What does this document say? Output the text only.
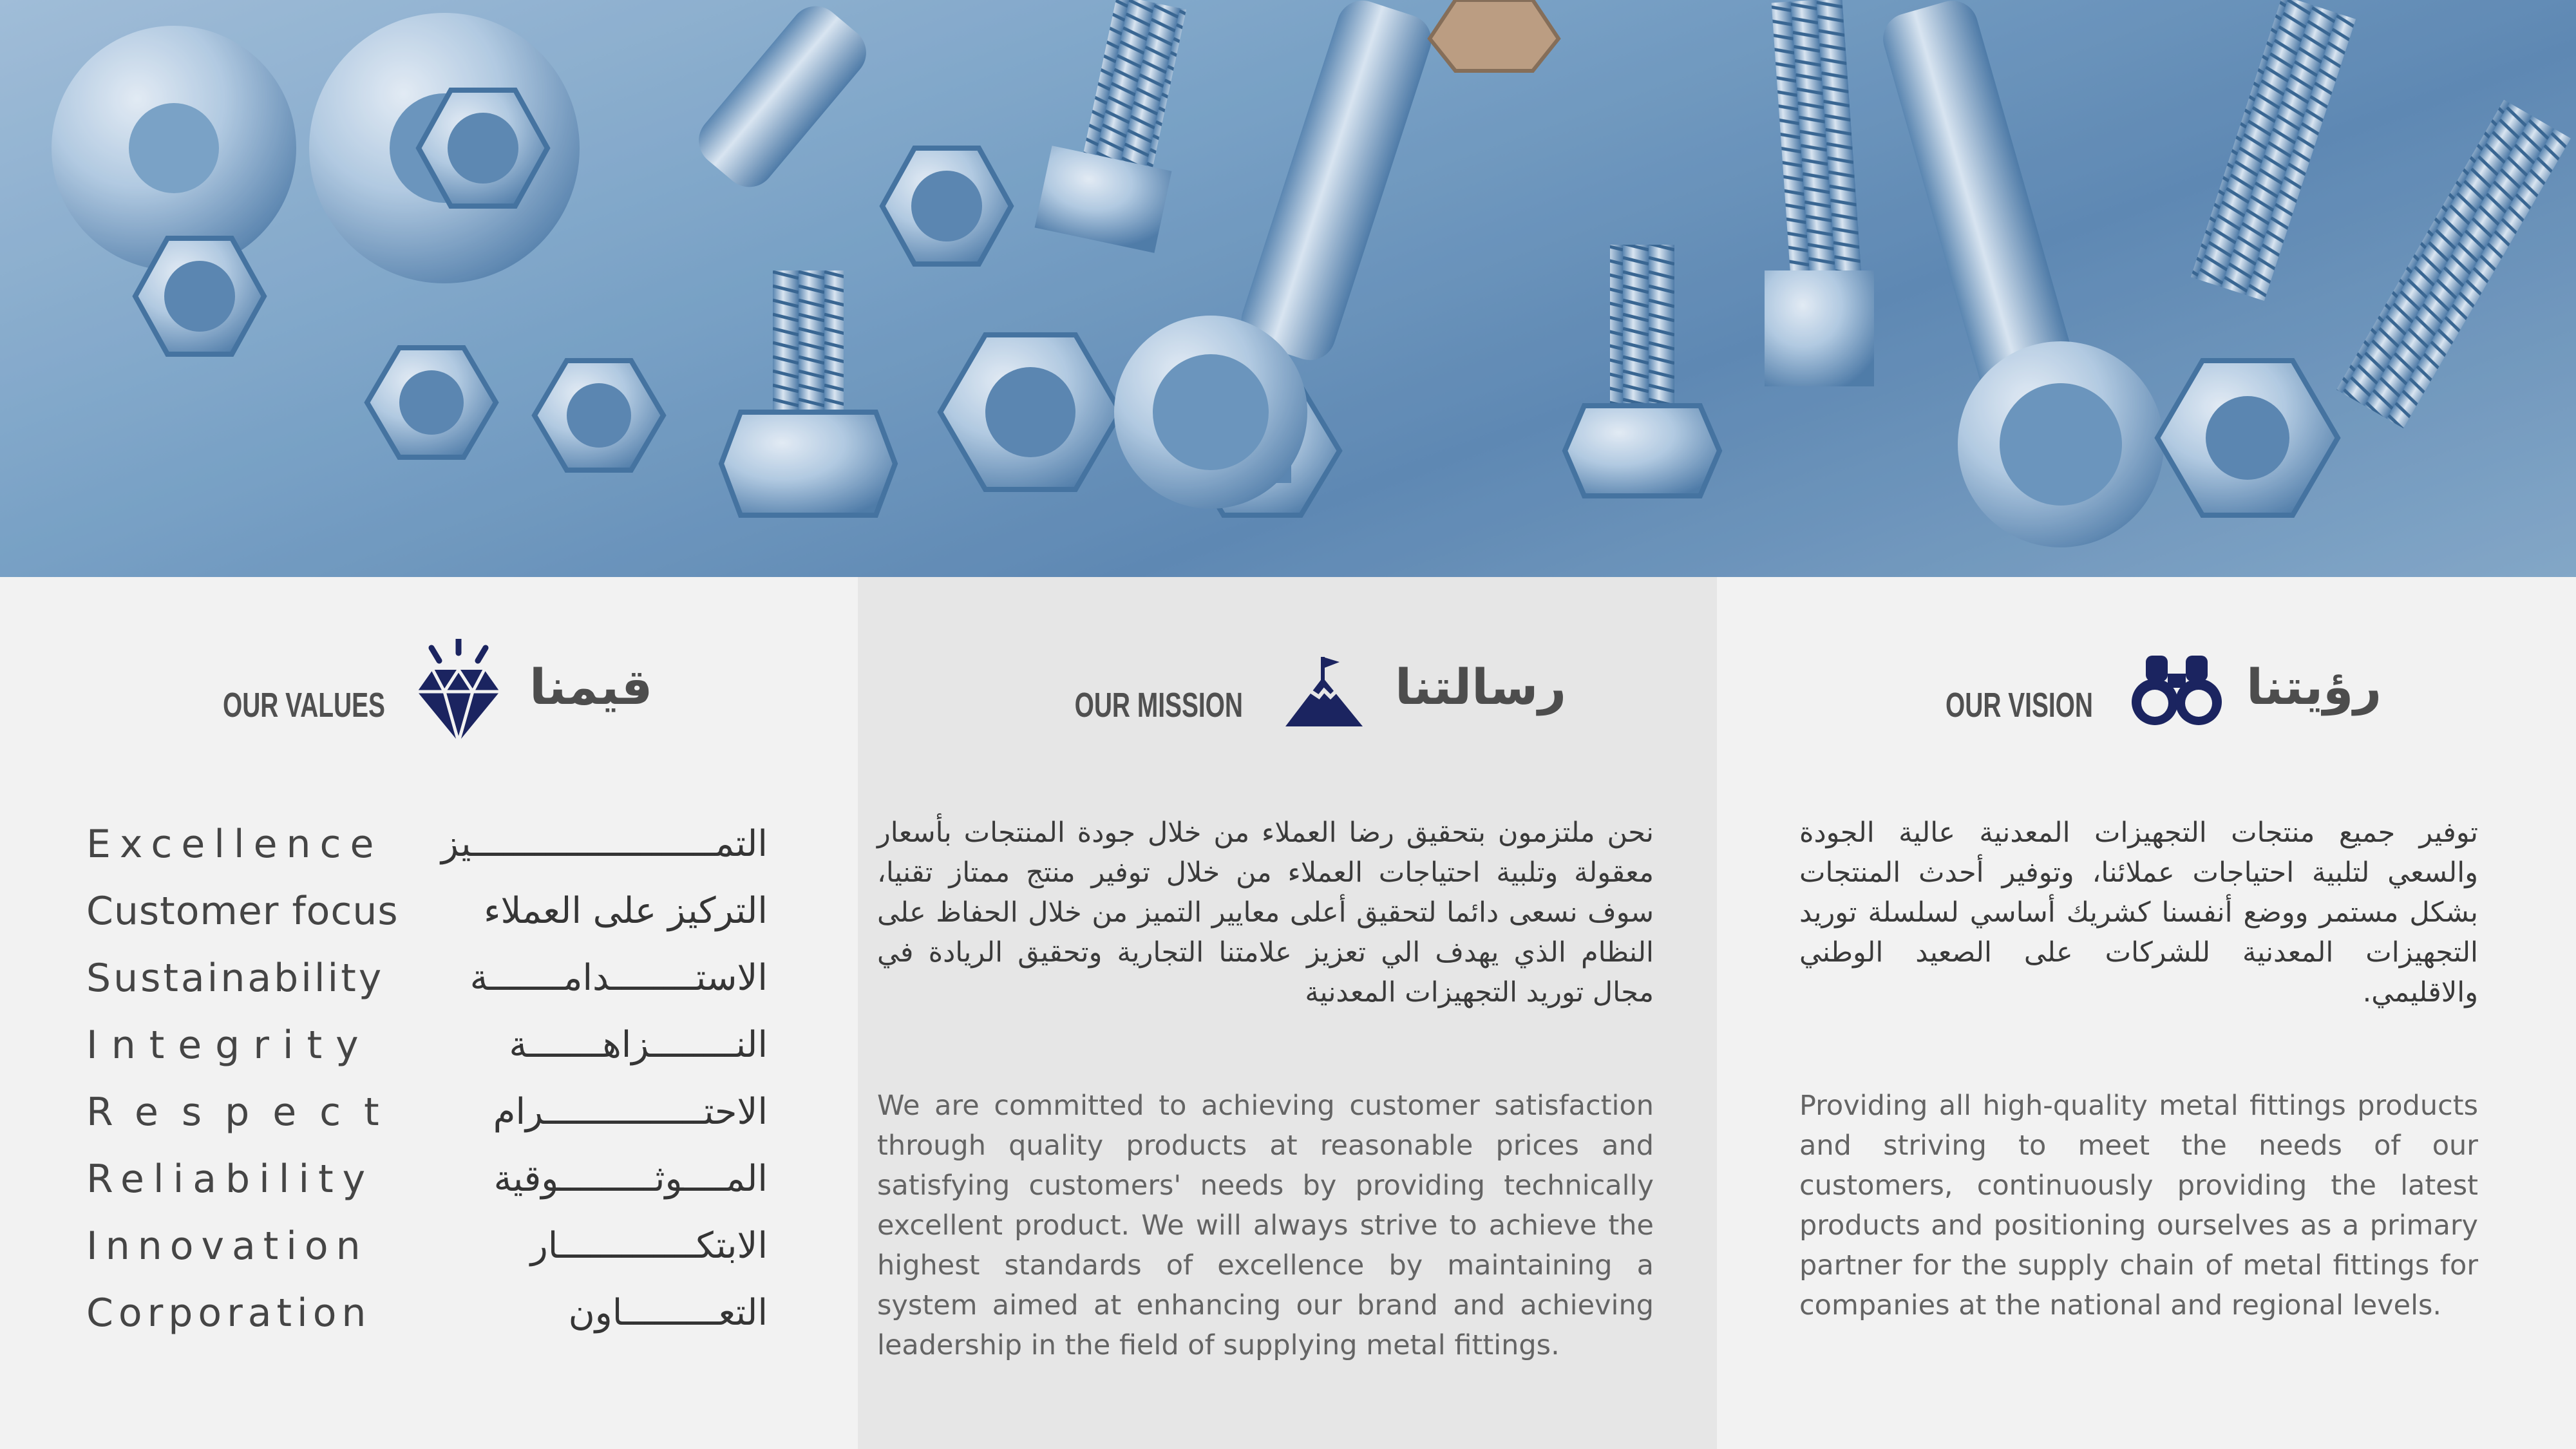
OUR VALUES	قيمنا
Excellence التمـــــــــــــــــــــــيز
Customer focus	التركيز على العملاء
Sustainability	الاستــــــــدامـــــــة
Integrity	النــــــــزاهـــــــة
Respect	الاحتـــــــــــــــرام
Reliability	المــــوثـــــــــوقية
Innovation	الابتكـــــــــــــار
Corporation	التعـــــــــاون
OUR MISSION	رسالتنا

نحن ملتزمون بتحقيق رضا العملاء من خلال جودة المنتجات بأسعار معقولة وتلبية احتياجات العملاء من خلال توفير منتج ممتاز تقنيا، سوف نسعى دائما لتحقيق أعلى معايير التميز من خلال الحفاظ على النظام الذي يهدف الي تعزيز علامتنا التجارية وتحقيق الريادة في مجال توريد التجهيزات المعدنية

We are committed to achieving customer satisfaction through quality products at reasonable prices and satisfying customers' needs by providing technically excellent product. We will always strive to achieve the highest standards of excellence by maintaining a system aimed at enhancing our brand and achieving leadership in the field of supplying metal fittings.

OUR VISION	رؤيتنا

توفير جميع منتجات التجهيزات المعدنية عالية الجودة والسعي لتلبية احتياجات عملائنا، وتوفير أحدث المنتجات بشكل مستمر ووضع أنفسنا كشريك أساسي لسلسلة توريد التجهيزات المعدنية للشركات على الصعيد الوطني والاقليمي.

Providing all high-quality metal fittings products and striving to meet the needs of our customers, continuously providing the latest products and positioning ourselves as a primary partner for the supply chain of metal fittings for companies at the national and regional levels.
